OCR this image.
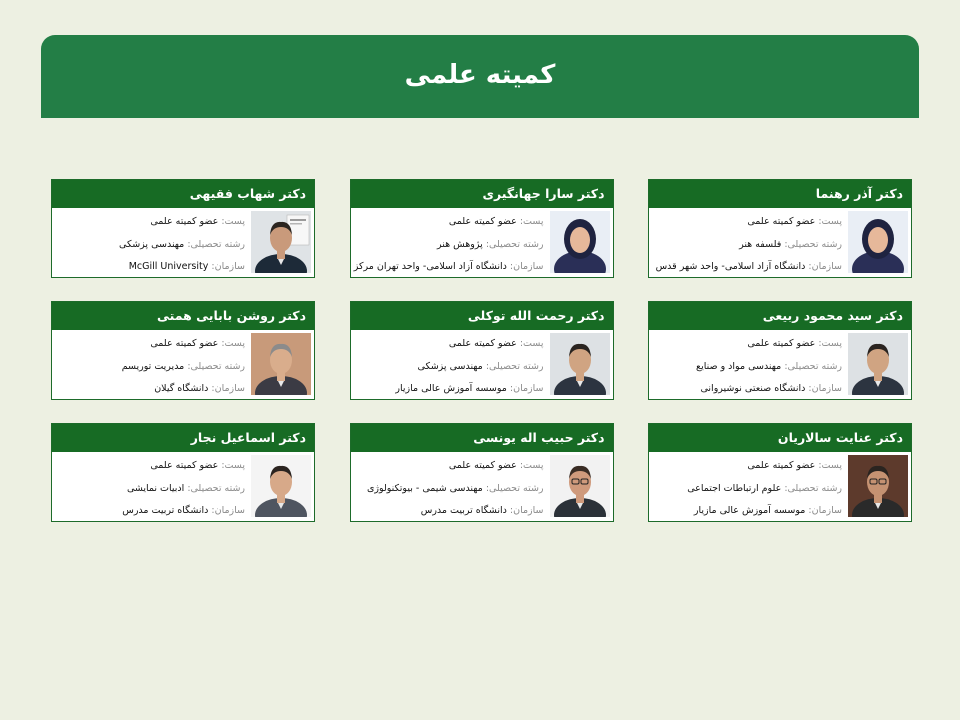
کمیته علمی
دکتر آذر رهنما
پست: عضو کمیته علمی
رشته تحصیلی: فلسفه هنر
سازمان: دانشگاه آزاد اسلامی- واحد شهر قدس
دکتر سارا جهانگیری
پست: عضو کمیته علمی
رشته تحصیلی: پژوهش هنر
سازمان: دانشگاه آزاد اسلامی- واحد تهران مرکز
دکتر شهاب فقیهی
پست: عضو کمیته علمی
رشته تحصیلی: مهندسی پزشکی
سازمان: McGill University
دکتر سید محمود ربیعی
پست: عضو کمیته علمی
رشته تحصیلی: مهندسی مواد و صنایع
سازمان: دانشگاه صنعتی نوشیروانی
دکتر رحمت الله توکلی
پست: عضو کمیته علمی
رشته تحصیلی: مهندسی پزشکی
سازمان: موسسه آموزش عالی مازیار
دکتر روشن بابایی همتی
پست: عضو کمیته علمی
رشته تحصیلی: مدیریت توریسم
سازمان: دانشگاه گیلان
دکتر عنایت سالاریان
پست: عضو کمیته علمی
رشته تحصیلی: علوم ارتباطات اجتماعی
سازمان: موسسه آموزش عالی مازیار
دکتر حبیب اله یونسی
پست: عضو کمیته علمی
رشته تحصیلی: مهندسی شیمی - بیوتکنولوژی
سازمان: دانشگاه تربیت مدرس
دکتر اسماعیل نجار
پست: عضو کمیته علمی
رشته تحصیلی: ادبیات نمایشی
سازمان: دانشگاه تربیت مدرس
